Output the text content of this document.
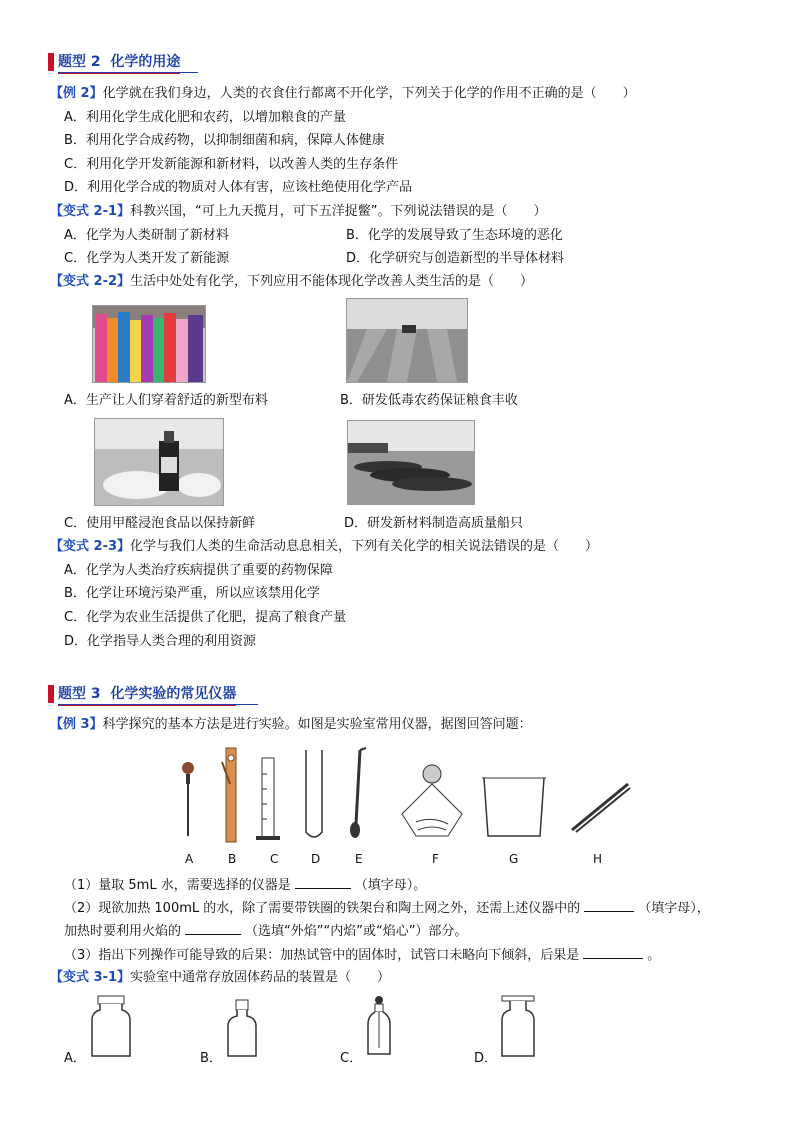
题型 2 化学的用途
【例 2】化学就在我们身边，人类的衣食住行都离不开化学，下列关于化学的作用不正确的是（　　）
A．利用化学生成化肥和农药，以增加粮食的产量
B．利用化学合成药物，以抑制细菌和病，保障人体健康
C．利用化学开发新能源和新材料，以改善人类的生存条件
D．利用化学合成的物质对人体有害，应该杜绝使用化学产品
【变式 2-1】科教兴国，“可上九天揽月，可下五洋捉鳖”。下列说法错误的是（　　）
A．化学为人类研制了新材料	B．化学的发展导致了生态环境的恶化
C．化学为人类开发了新能源	D．化学研究与创造新型的半导体材料
【变式 2-2】生活中处处有化学，下列应用不能体现化学改善人类生活的是（　　）
A．生产让人们穿着舒适的新型布料	B．研发低毒农药保证粮食丰收
C．使用甲醛浸泡食品以保持新鲜	D．研发新材料制造高质量船只
【变式 2-3】化学与我们人类的生命活动息息相关，下列有关化学的相关说法错误的是（　　）
A．化学为人类治疗疾病提供了重要的药物保障
B．化学让环境污染严重，所以应该禁用化学
C．化学为农业生活提供了化肥，提高了粮食产量
D．化学指导人类合理的利用资源
题型 3 化学实验的常见仪器
【例 3】科学探究的基本方法是进行实验。如图是实验室常用仪器，据图回答问题：
A	B	C	D	E	F	G	H
（1）量取 5mL 水，需要选择的仪器是	（填字母）。
（2）现欲加热 100mL 的水，除了需要带铁圈的铁架台和陶土网之外，还需上述仪器中的	（填字母），
加热时要利用火焰的	（选填“外焰”“内焰”或“焰心”）部分。
（3）指出下列操作可能导致的后果：加热试管中的固体时，试管口未略向下倾斜，后果是	。
【变式 3-1】实验室中通常存放固体药品的装置是（　　）
A．	B．	C．	D．
